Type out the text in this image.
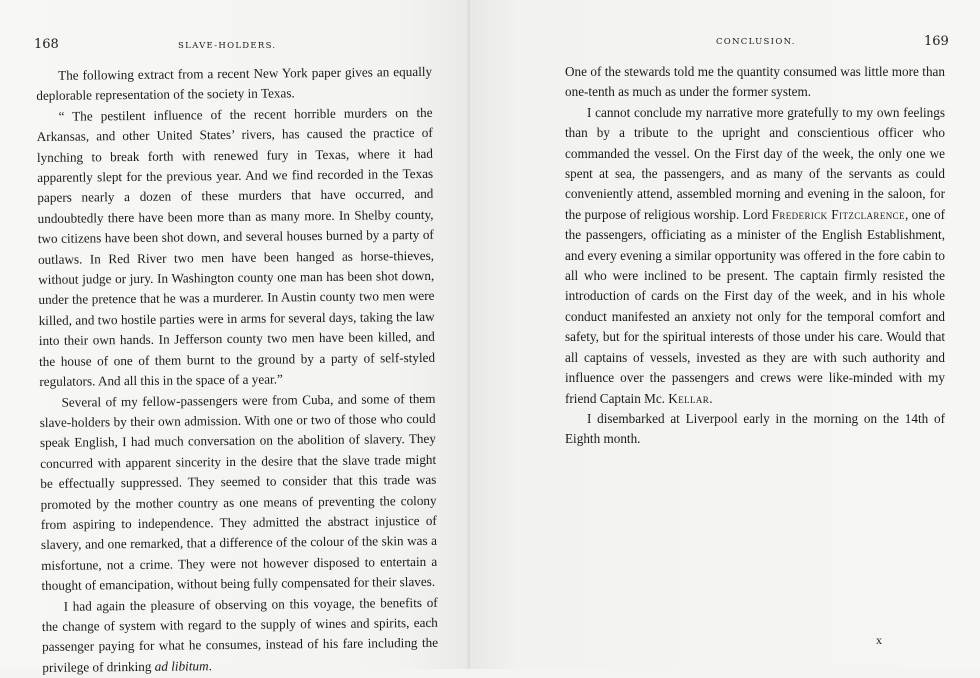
168	SLAVE-HOLDERS.

The following extract from a recent New York paper gives an equally deplorable representation of the society in Texas.

“ The pestilent influence of the recent horrible murders on the Arkansas, and other United States’ rivers, has caused the practice of lynching to break forth with renewed fury in Texas, where it had apparently slept for the previous year. And we find recorded in the Texas papers nearly a dozen of these murders that have occurred, and undoubtedly there have been more than as many more. In Shelby county, two citizens have been shot down, and several houses burned by a party of outlaws. In Red River two men have been hanged as horse-thieves, without judge or jury. In Washington county one man has been shot down, under the pretence that he was a murderer. In Austin county two men were killed, and two hostile parties were in arms for several days, taking the law into their own hands. In Jefferson county two men have been killed, and the house of one of them burnt to the ground by a party of self-styled regulators. And all this in the space of a year.”

Several of my fellow-passengers were from Cuba, and some of them slave-holders by their own admission. With one or two of those who could speak English, I had much conversation on the abolition of slavery. They concurred with apparent sincerity in the desire that the slave trade might be effectually suppressed. They seemed to consider that this trade was promoted by the mother country as one means of preventing the colony from aspiring to independence. They admitted the abstract injustice of slavery, and one remarked, that a difference of the colour of the skin was a misfortune, not a crime. They were not however disposed to entertain a thought of emancipation, without being fully compensated for their slaves.

I had again the pleasure of observing on this voyage, the benefits of the change of system with regard to the supply of wines and spirits, each passenger paying for what he consumes, instead of his fare including the privilege of drinking ad libitum.

CONCLUSION.	169

One of the stewards told me the quantity consumed was little more than one-tenth as much as under the former system.

I cannot conclude my narrative more gratefully to my own feelings than by a tribute to the upright and conscientious officer who commanded the vessel. On the First day of the week, the only one we spent at sea, the passengers, and as many of the servants as could conveniently attend, assembled morning and evening in the saloon, for the purpose of religious worship. Lord Frederick Fitzclarence, one of the passengers, officiating as a minister of the English Establishment, and every evening a similar opportunity was offered in the fore cabin to all who were inclined to be present. The captain firmly resisted the introduction of cards on the First day of the week, and in his whole conduct manifested an anxiety not only for the temporal comfort and safety, but for the spiritual interests of those under his care. Would that all captains of vessels, invested as they are with such authority and influence over the passengers and crews were like-minded with my friend Captain Mc. Kellar.

I disembarked at Liverpool early in the morning on the 14th of Eighth month.

x
